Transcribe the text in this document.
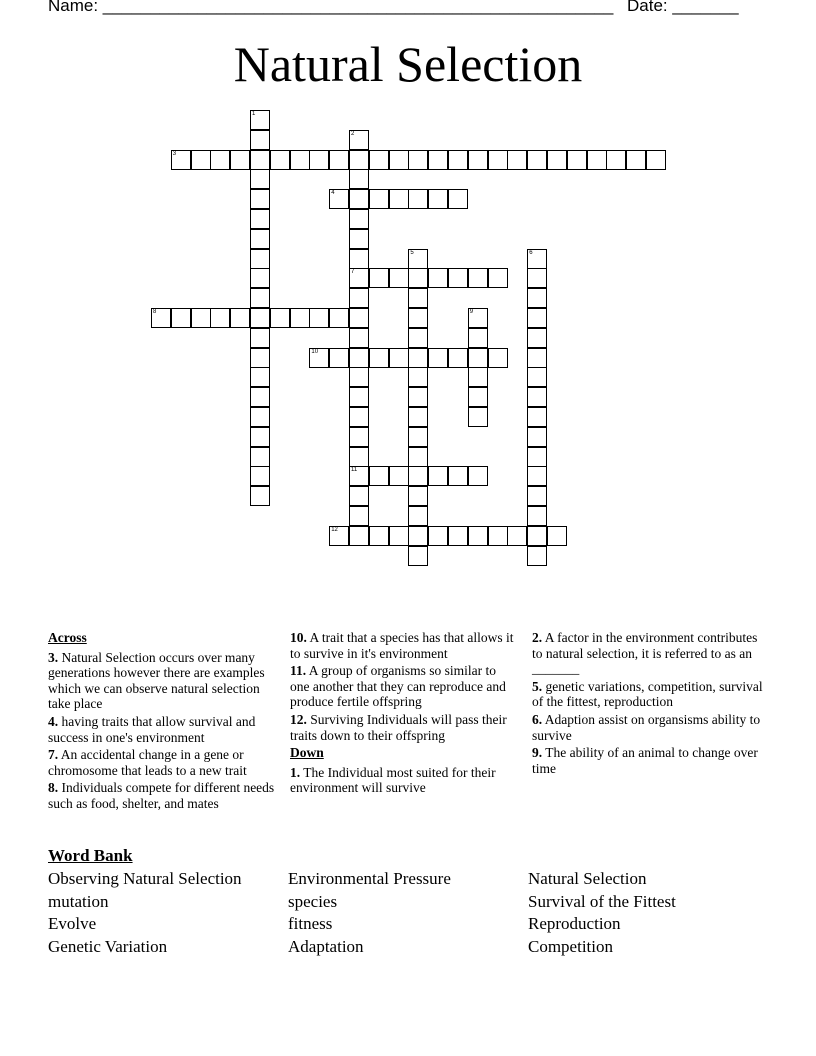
Name: ______________________________________________________ Date: _______
Natural Selection
1
2
7
11
3
4
5	6
8	9
10
12
Across
3. Natural Selection occurs over many generations however there are examples which we can observe natural selection take place
4. having traits that allow survival and success in one's environment
7. An accidental change in a gene or chromosome that leads to a new trait
8. Individuals compete for different needs such as food, shelter, and mates
10. A trait that a species has that allows it to survive in it's environment
11. A group of organisms so similar to one another that they can reproduce and produce fertile offspring
12. Surviving Individuals will pass their traits down to their offspring
Down
1. The Individual most suited for their environment will survive
2. A factor in the environment contributes to natural selection, it is referred to as an _______
5. genetic variations, competition, survival of the fittest, reproduction
6. Adaption assist on organsisms ability to survive
9. The ability of an animal to change over time
Word Bank
Observing Natural Selection	Environmental Pressure	Natural Selection
mutation	species	Survival of the Fittest
Evolve	fitness	Reproduction
Genetic Variation	Adaptation	Competition
